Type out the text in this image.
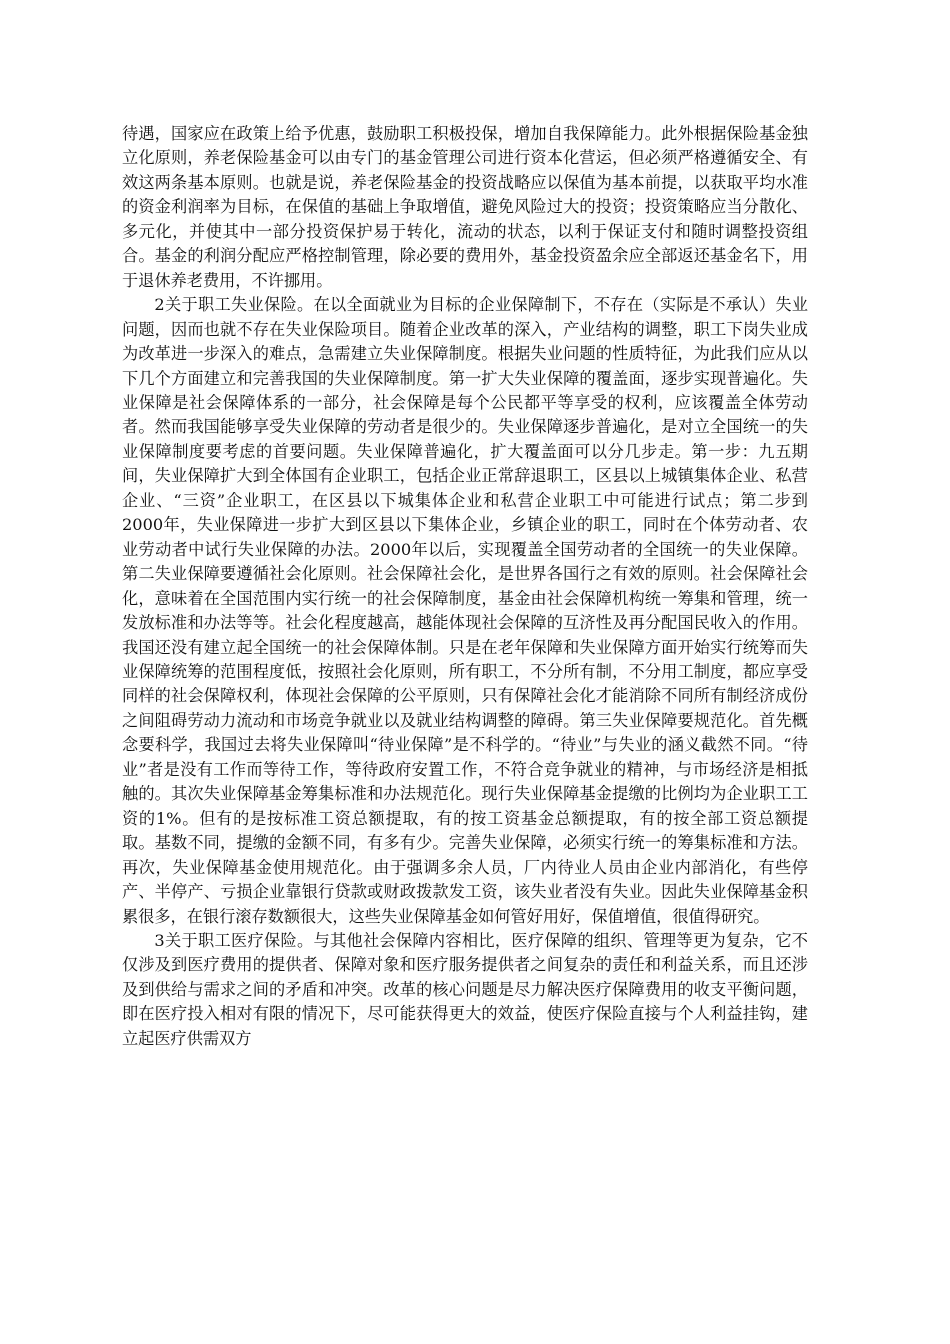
待遇，国家应在政策上给予优惠，鼓励职工积极投保，增加自我保障能力。此外根据保险基金独立化原则，养老保险基金可以由专门的基金管理公司进行资本化营运，但必须严格遵循安全、有效这两条基本原则。也就是说，养老保险基金的投资战略应以保值为基本前提，以获取平均水准的资金利润率为目标，在保值的基础上争取增值，避免风险过大的投资；投资策略应当分散化、多元化，并使其中一部分投资保护易于转化，流动的状态，以利于保证支付和随时调整投资组合。基金的利润分配应严格控制管理，除必要的费用外，基金投资盈余应全部返还基金名下，用于退休养老费用，不许挪用。

2关于职工失业保险。在以全面就业为目标的企业保障制下，不存在（实际是不承认）失业问题，因而也就不存在失业保险项目。随着企业改革的深入，产业结构的调整，职工下岗失业成为改革进一步深入的难点，急需建立失业保障制度。根据失业问题的性质特征，为此我们应从以下几个方面建立和完善我国的失业保障制度。第一扩大失业保障的覆盖面，逐步实现普遍化。失业保障是社会保障体系的一部分，社会保障是每个公民都平等享受的权利，应该覆盖全体劳动者。然而我国能够享受失业保障的劳动者是很少的。失业保障逐步普遍化，是对立全国统一的失业保障制度要考虑的首要问题。失业保障普遍化，扩大覆盖面可以分几步走。第一步：九五期间，失业保障扩大到全体国有企业职工，包括企业正常辞退职工，区县以上城镇集体企业、私营企业、“三资”企业职工，在区县以下城集体企业和私营企业职工中可能进行试点；第二步到2000年，失业保障进一步扩大到区县以下集体企业，乡镇企业的职工，同时在个体劳动者、农业劳动者中试行失业保障的办法。2000年以后，实现覆盖全国劳动者的全国统一的失业保障。第二失业保障要遵循社会化原则。社会保障社会化，是世界各国行之有效的原则。社会保障社会化，意味着在全国范围内实行统一的社会保障制度，基金由社会保障机构统一筹集和管理，统一发放标准和办法等等。社会化程度越高，越能体现社会保障的互济性及再分配国民收入的作用。我国还没有建立起全国统一的社会保障体制。只是在老年保障和失业保障方面开始实行统筹而失业保障统筹的范围程度低，按照社会化原则，所有职工，不分所有制，不分用工制度，都应享受同样的社会保障权利，体现社会保障的公平原则，只有保障社会化才能消除不同所有制经济成份之间阻碍劳动力流动和市场竞争就业以及就业结构调整的障碍。第三失业保障要规范化。首先概念要科学，我国过去将失业保障叫“待业保障”是不科学的。“待业”与失业的涵义截然不同。“待业”者是没有工作而等待工作，等待政府安置工作，不符合竞争就业的精神，与市场经济是相抵触的。其次失业保障基金筹集标准和办法规范化。现行失业保障基金提缴的比例均为企业职工工资的1%。但有的是按标准工资总额提取，有的按工资基金总额提取，有的按全部工资总额提取。基数不同，提缴的金额不同，有多有少。完善失业保障，必须实行统一的筹集标准和方法。再次，失业保障基金使用规范化。由于强调多余人员，厂内待业人员由企业内部消化，有些停产、半停产、亏损企业靠银行贷款或财政拨款发工资，该失业者没有失业。因此失业保障基金积累很多，在银行滚存数额很大，这些失业保障基金如何管好用好，保值增值，很值得研究。

3关于职工医疗保险。与其他社会保障内容相比，医疗保障的组织、管理等更为复杂，它不仅涉及到医疗费用的提供者、保障对象和医疗服务提供者之间复杂的责任和利益关系，而且还涉及到供给与需求之间的矛盾和冲突。改革的核心问题是尽力解决医疗保障费用的收支平衡问题，即在医疗投入相对有限的情况下，尽可能获得更大的效益，使医疗保险直接与个人利益挂钩，建立起医疗供需双方
